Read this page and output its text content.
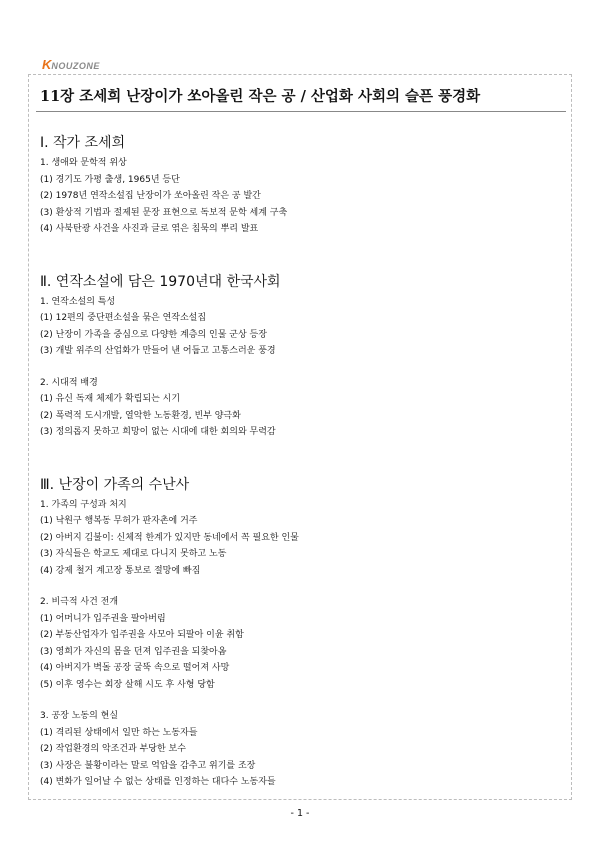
K NOUZONE
11장 조세희 난장이가 쏘아올린 작은 공 / 산업화 사회의 슬픈 풍경화
Ⅰ. 작가 조세희

1. 생애와 문학적 위상

(1) 경기도 가평 출생, 1965년 등단

(2) 1978년 연작소설집 난장이가 쏘아올린 작은 공 발간

(3) 환상적 기법과 절제된 문장 표현으로 독보적 문학 세계 구축

(4) 사북탄광 사건을 사진과 글로 엮은 침묵의 뿌리 발표

Ⅱ. 연작소설에 담은 1970년대 한국사회

1. 연작소설의 특성

(1) 12편의 중단편소설을 묶은 연작소설집

(2) 난장이 가족을 중심으로 다양한 계층의 인물 군상 등장

(3) 개발 위주의 산업화가 만들어 낸 어둡고 고통스러운 풍경

2. 시대적 배경

(1) 유신 독재 체제가 확립되는 시기

(2) 폭력적 도시개발, 열악한 노동환경, 빈부 양극화

(3) 정의롭지 못하고 희망이 없는 시대에 대한 회의와 무력감

Ⅲ. 난장이 가족의 수난사

1. 가족의 구성과 처지

(1) 낙원구 행복동 무허가 판자촌에 거주

(2) 아버지 김불이: 신체적 한계가 있지만 동네에서 꼭 필요한 인물

(3) 자식들은 학교도 제대로 다니지 못하고 노동

(4) 강제 철거 계고장 통보로 절망에 빠짐

2. 비극적 사건 전개

(1) 어머니가 입주권을 팔아버림

(2) 부동산업자가 입주권을 사모아 되팔아 이윤 취함

(3) 영희가 자신의 몸을 던져 입주권을 되찾아옴

(4) 아버지가 벽돌 공장 굴뚝 속으로 떨어져 사망

(5) 이후 영수는 회장 살해 시도 후 사형 당함

3. 공장 노동의 현실

(1) 격리된 상태에서 일만 하는 노동자들

(2) 작업환경의 악조건과 부당한 보수

(3) 사장은 불황이라는 말로 억압을 감추고 위기를 조장

(4) 변화가 일어날 수 없는 상태를 인정하는 대다수 노동자들

- 1 -
